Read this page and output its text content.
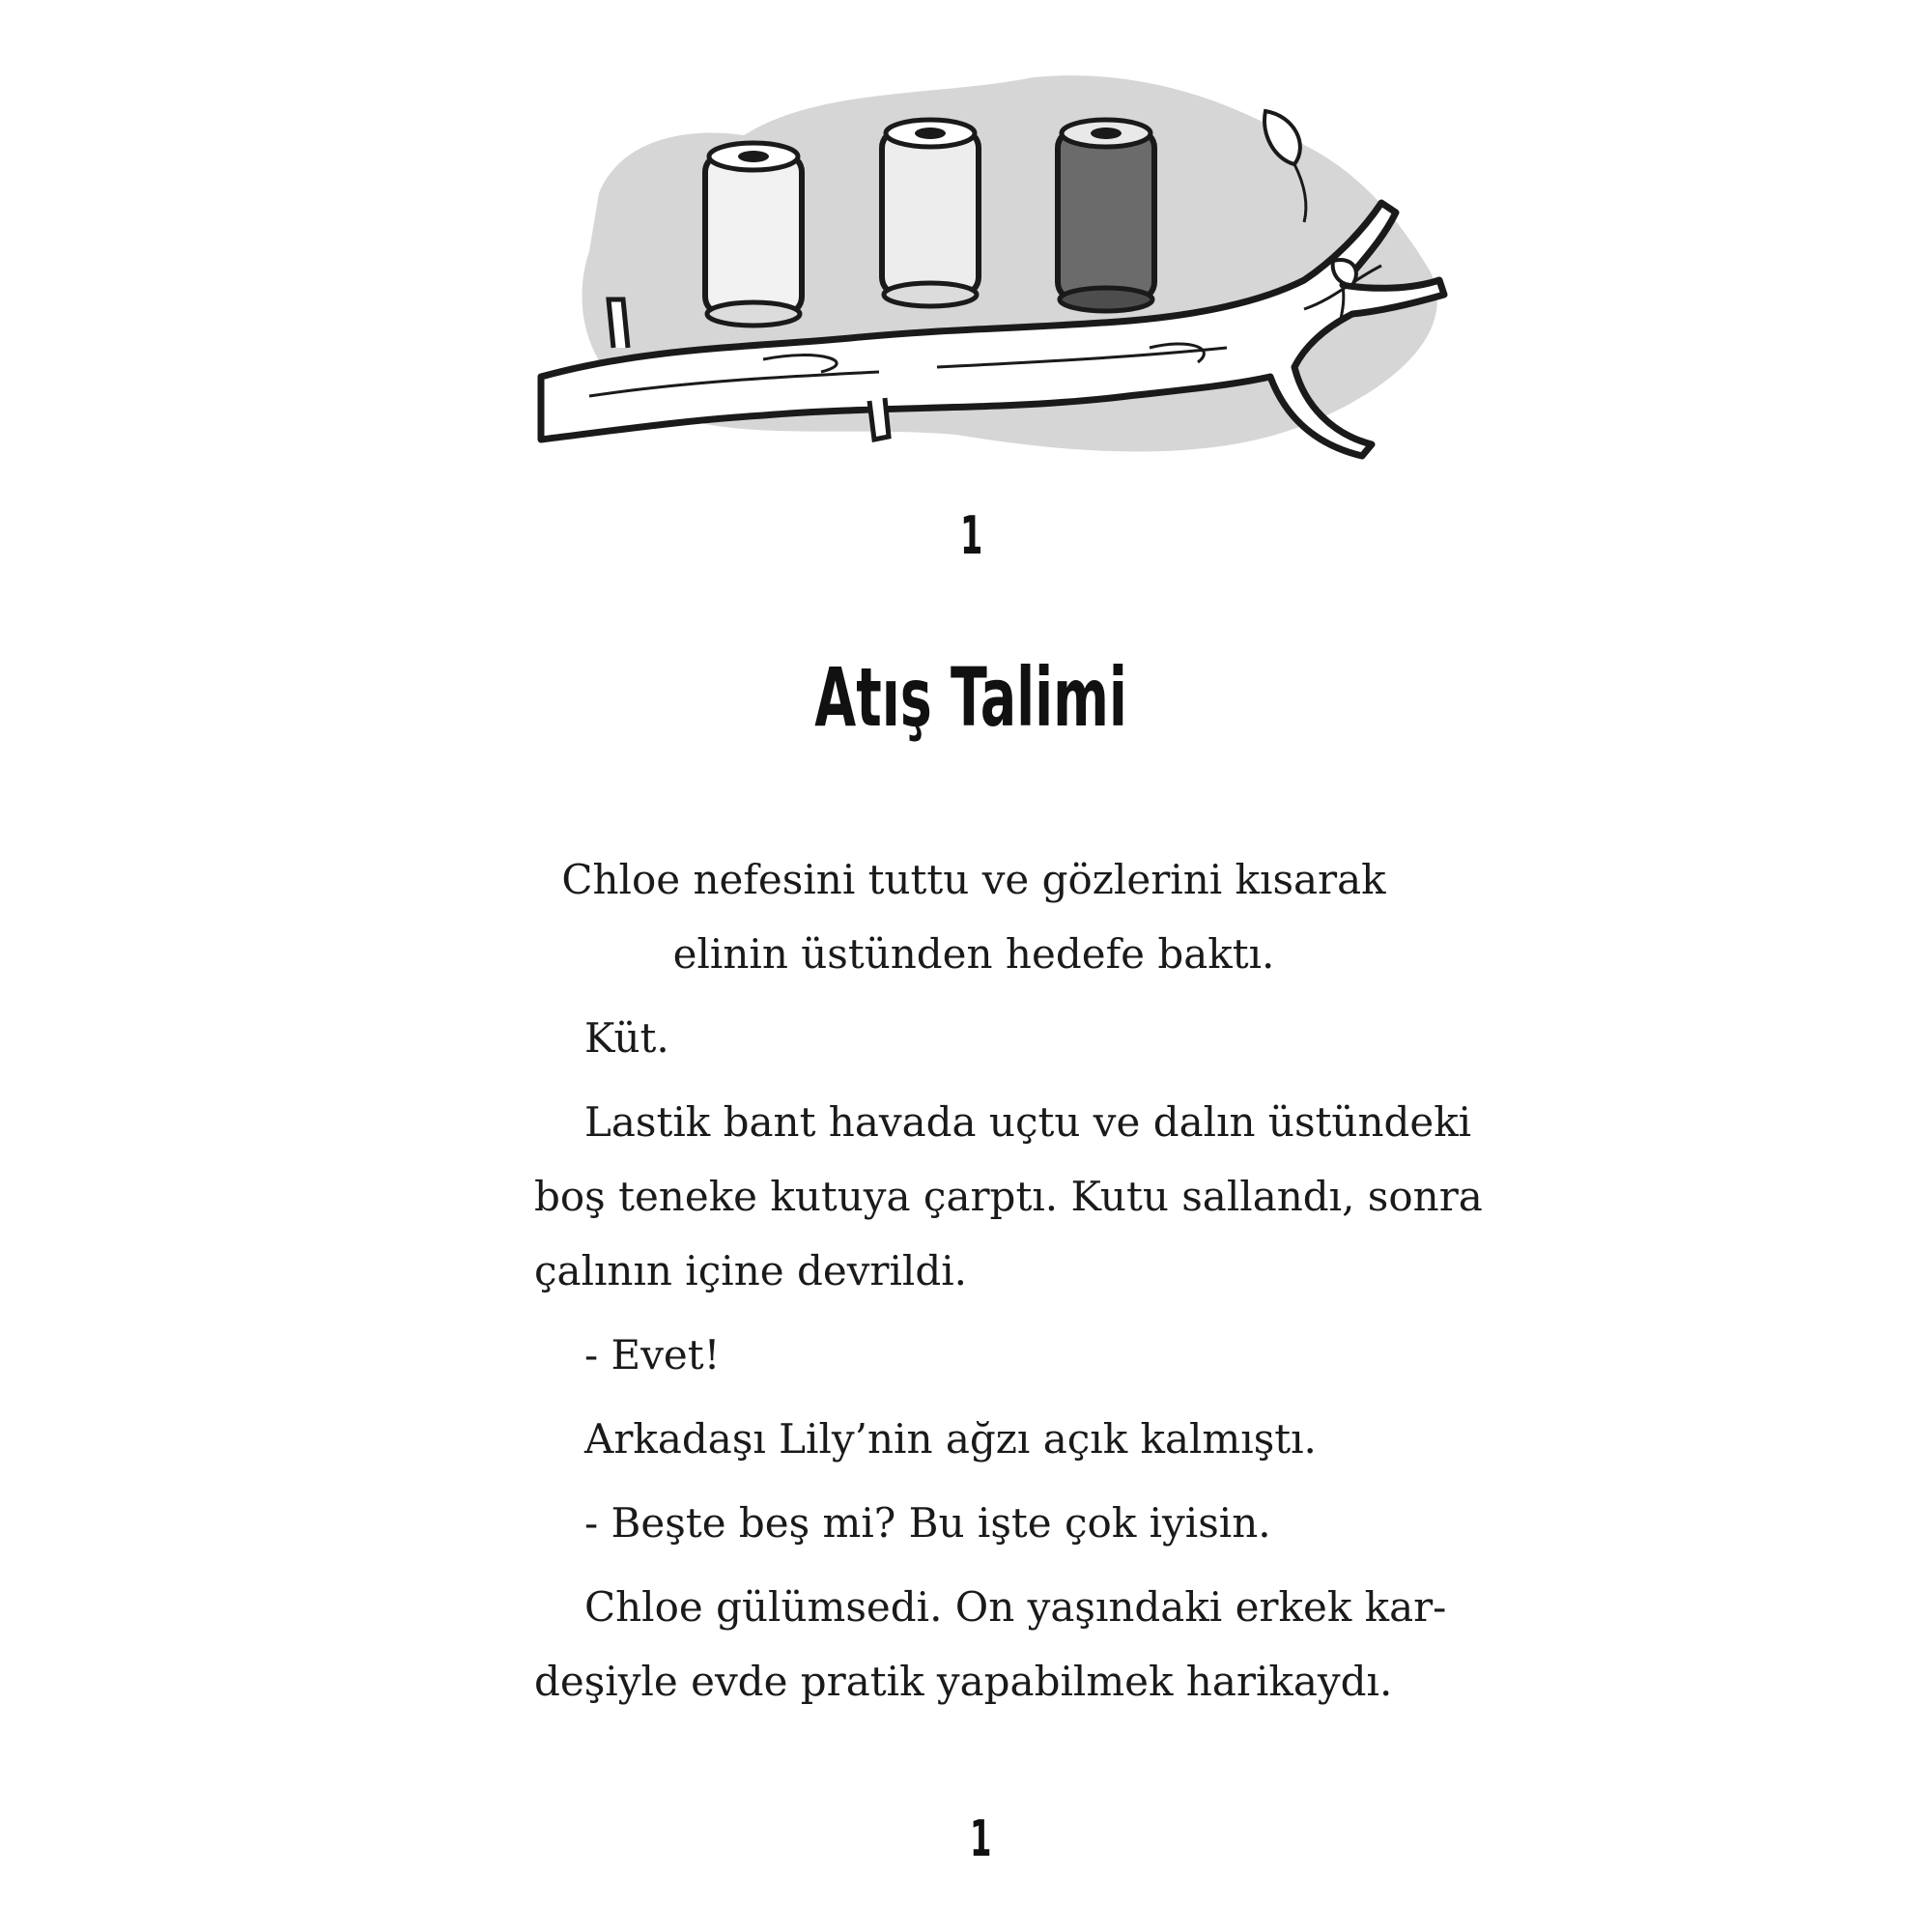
1
Atış Talimi
Chloe nefesini tuttu ve gözlerini kısarak
elinin üstünden hedefe baktı.
Küt.
Lastik bant havada uçtu ve dalın üstündeki
boş teneke kutuya çarptı. Kutu sallandı, sonra
çalının içine devrildi.
- Evet!
Arkadaşı Lily’nin ağzı açık kalmıştı.
- Beşte beş mi? Bu işte çok iyisin.
Chloe gülümsedi. On yaşındaki erkek kar-
deşiyle evde pratik yapabilmek harikaydı.
1
